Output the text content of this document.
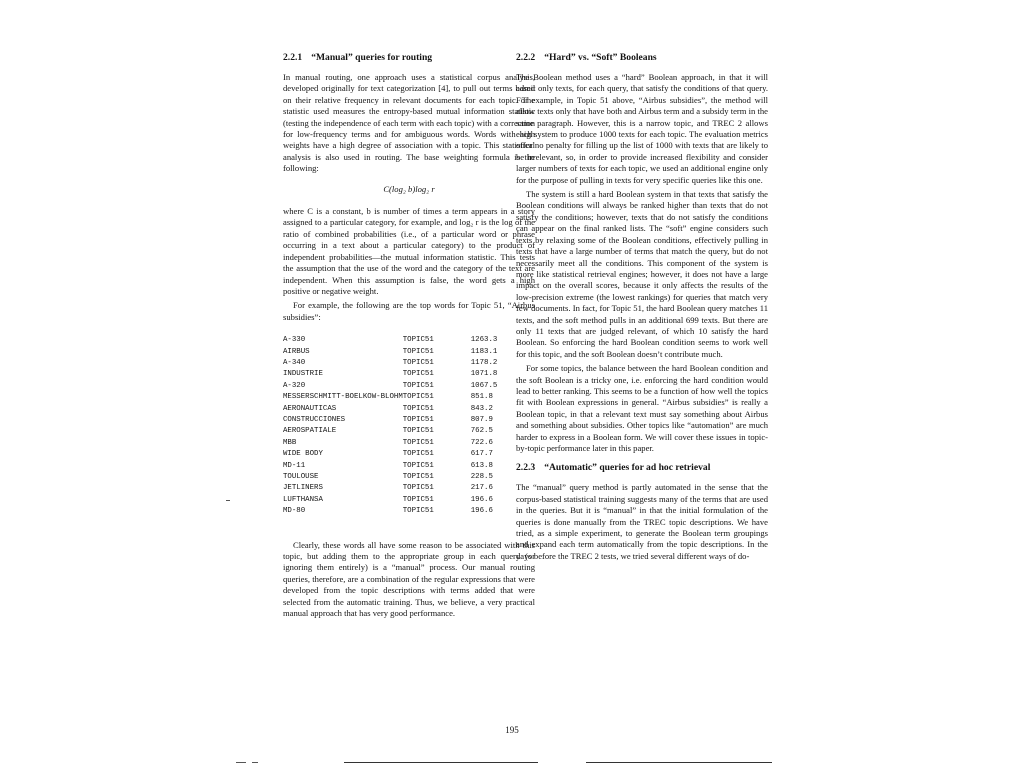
2.2.1 “Manual” queries for routing

In manual routing, one approach uses a statistical corpus analysis, developed originally for text categorization [4], to pull out terms based on their relative frequency in relevant documents for each topic. The statistic used measures the entropy-based mutual information statistic (testing the independence of each term with each topic) with a correction for low-frequency terms and for ambiguous words. Words with high weights have a high degree of association with a topic. This statistical analysis is also used in routing. The base weighting formula is the following:

C(log₂ b)log₂ r

where C is a constant, b is number of times a term appears in a story assigned to a particular category, for example, and log₂ r is the log of the ratio of combined probabilities (i.e., of a particular word or phrase occurring in a text about a particular category) to the product of independent probabilities—the mutual information statistic. This tests the assumption that the use of the word and the category of the text are independent. When this assumption is false, the word gets a high positive or negative weight.

For example, the following are the top words for Topic 51, “Airbus subsidies”:

A-330	TOPIC51	1263.3
AIRBUS	TOPIC51	1183.1
A-340	TOPIC51	1178.2
INDUSTRIE	TOPIC51	1071.8
A-320	TOPIC51	1067.5
MESSERSCHMITT-BOELKOW-BLOHM	TOPIC51	851.8
AERONAUTICAS	TOPIC51	843.2
CONSTRUCCIONES	TOPIC51	807.9
AEROSPATIALE	TOPIC51	762.5
MBB	TOPIC51	722.6
WIDE BODY	TOPIC51	617.7
MD-11	TOPIC51	613.8
TOULOUSE	TOPIC51	228.5
JETLINERS	TOPIC51	217.6
LUFTHANSA	TOPIC51	196.6
MD-80	TOPIC51	196.6

Clearly, these words all have some reason to be associated with this topic, but adding them to the appropriate group in each query (or ignoring them entirely) is a “manual” process. Our manual routing queries, therefore, are a combination of the regular expressions that were developed from the topic descriptions with terms added that were selected from the automatic training. Thus, we believe, a very practical manual approach that has very good performance.

2.2.2 “Hard” vs. “Soft” Booleans

The Boolean method uses a “hard” Boolean approach, in that it will admit only texts, for each query, that satisfy the conditions of that query. For example, in Topic 51 above, “Airbus subsidies”, the method will allow texts only that have both and Airbus term and a subsidy term in the same paragraph. However, this is a narrow topic, and TREC 2 allows each system to produce 1000 texts for each topic. The evaluation metrics offer no penalty for filling up the list of 1000 with texts that are likely to be irrelevant, so, in order to provide increased flexibility and consider larger numbers of texts for each topic, we used an additional engine only for the purpose of pulling in texts for very specific queries like this one.

The system is still a hard Boolean system in that texts that satisfy the Boolean conditions will always be ranked higher than texts that do not satisfy the conditions; however, texts that do not satisfy the conditions can appear on the final ranked lists. The “soft” engine considers such texts by relaxing some of the Boolean conditions, effectively pulling in texts that have a large number of terms that match the query, but do not necessarily meet all the conditions. This component of the system is more like statistical retrieval engines; however, it does not have a large impact on the overall scores, because it only affects the results of the low-precision extreme (the lowest rankings) for queries that match very few documents. In fact, for Topic 51, the hard Boolean query matches 11 texts, and the soft method pulls in an additional 699 texts. But there are only 11 texts that are judged relevant, of which 10 satisfy the hard Boolean. So enforcing the hard Boolean condition seems to work well for this topic, and the soft Boolean doesn’t contribute much.

For some topics, the balance between the hard Boolean condition and the soft Boolean is a tricky one, i.e. enforcing the hard condition would lead to better ranking. This seems to be a function of how well the topics fit with Boolean expressions in general. “Airbus subsidies” is really a Boolean topic, in that a relevant text must say something about Airbus and something about subsidies. Other topics like “automation” are much harder to express in a Boolean form. We will cover these issues in topic-by-topic performance later in this paper.

2.2.3 “Automatic” queries for ad hoc retrieval

The “manual” query method is partly automated in the sense that the corpus-based statistical training suggests many of the terms that are used in the queries. But it is “manual” in that the initial formulation of the queries is done manually from the TREC topic descriptions. We have tried, as a simple experiment, to generate the Boolean term groupings and expand each term automatically from the topic descriptions. In the days before the TREC 2 tests, we tried several different ways of do-

195
